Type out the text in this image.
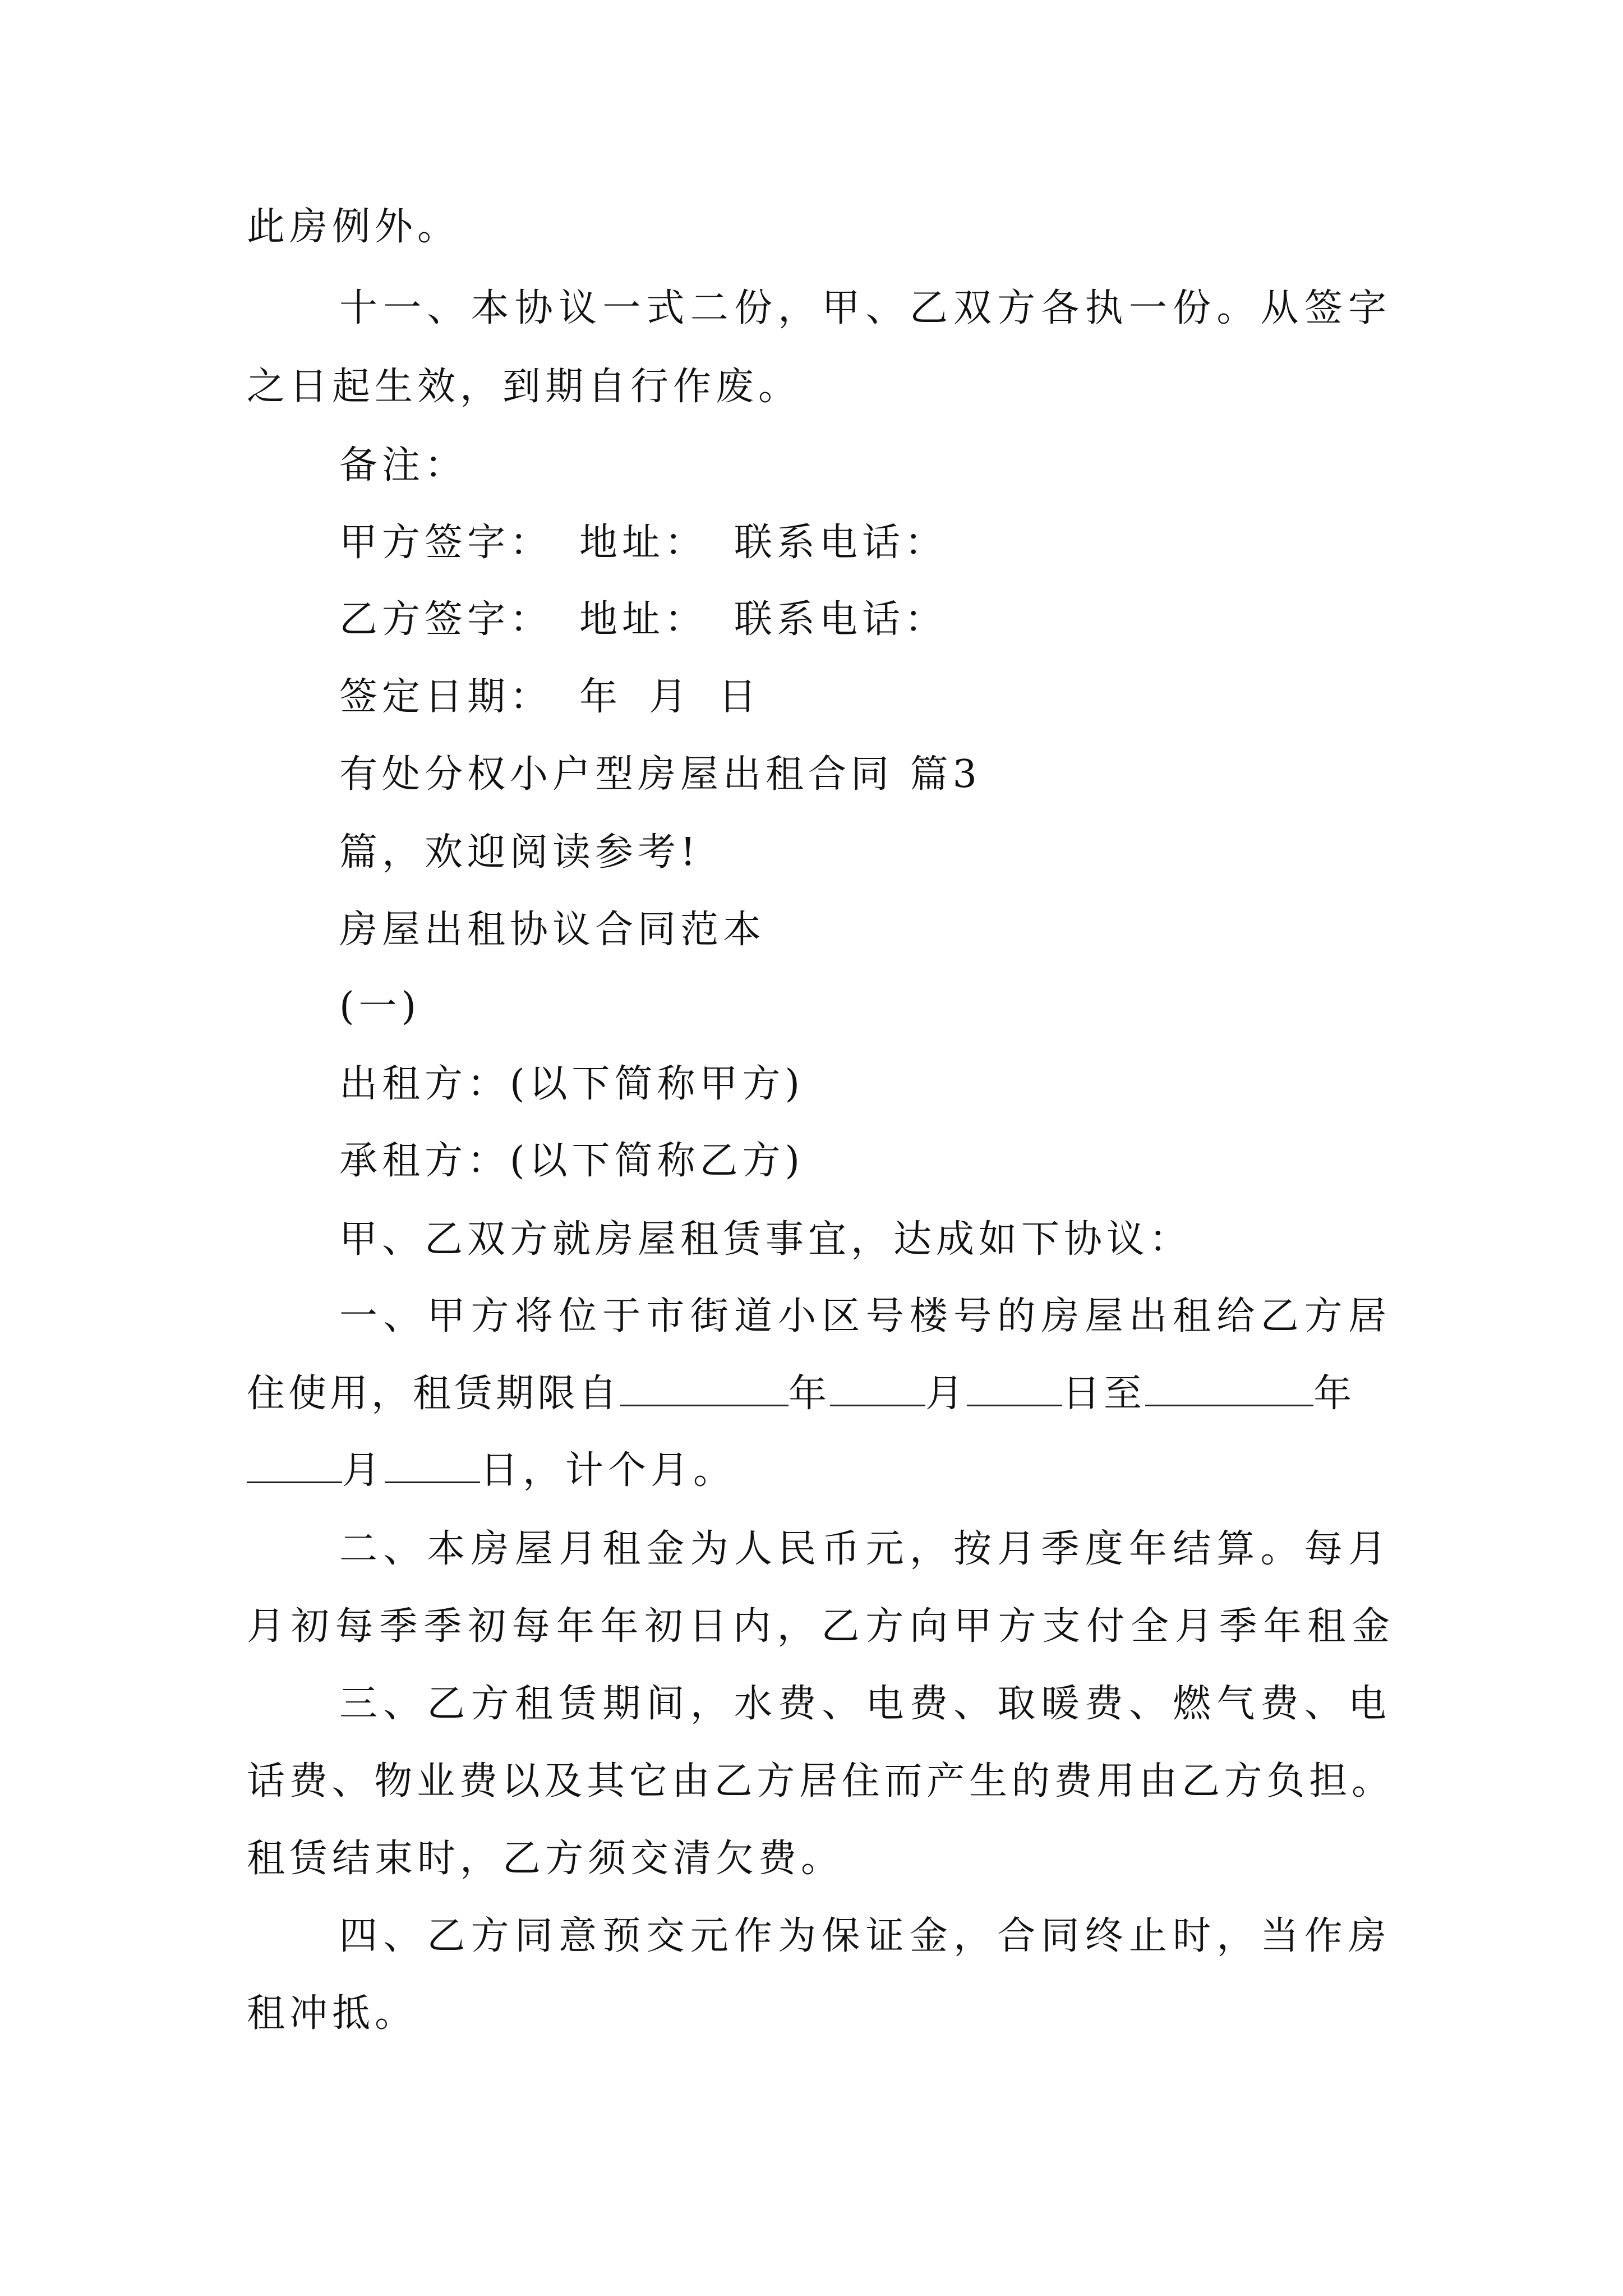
此房例外。
十一、本协议一式二份，甲、乙双方各执一份。从签字
之日起生效，到期自行作废。
备注：
甲方签字： 地址： 联系电话：
乙方签字： 地址： 联系电话：
签定日期： 年 月 日
有处分权小户型房屋出租合同 篇3
篇，欢迎阅读参考!
房屋出租协议合同范本
(一)
出租方：(以下简称甲方)
承租方：(以下简称乙方)
甲、乙双方就房屋租赁事宜，达成如下协议：
一、甲方将位于市街道小区号楼号的房屋出租给乙方居
住使用，租赁期限自	年	月	日至	年
月	日，计个月。
二、本房屋月租金为人民币元，按月季度年结算。每月
月初每季季初每年年初日内，乙方向甲方支付全月季年租金
三、乙方租赁期间，水费、电费、取暖费、燃气费、电
话费、物业费以及其它由乙方居住而产生的费用由乙方负担。
租赁结束时，乙方须交清欠费。
四、乙方同意预交元作为保证金，合同终止时，当作房
租冲抵。
